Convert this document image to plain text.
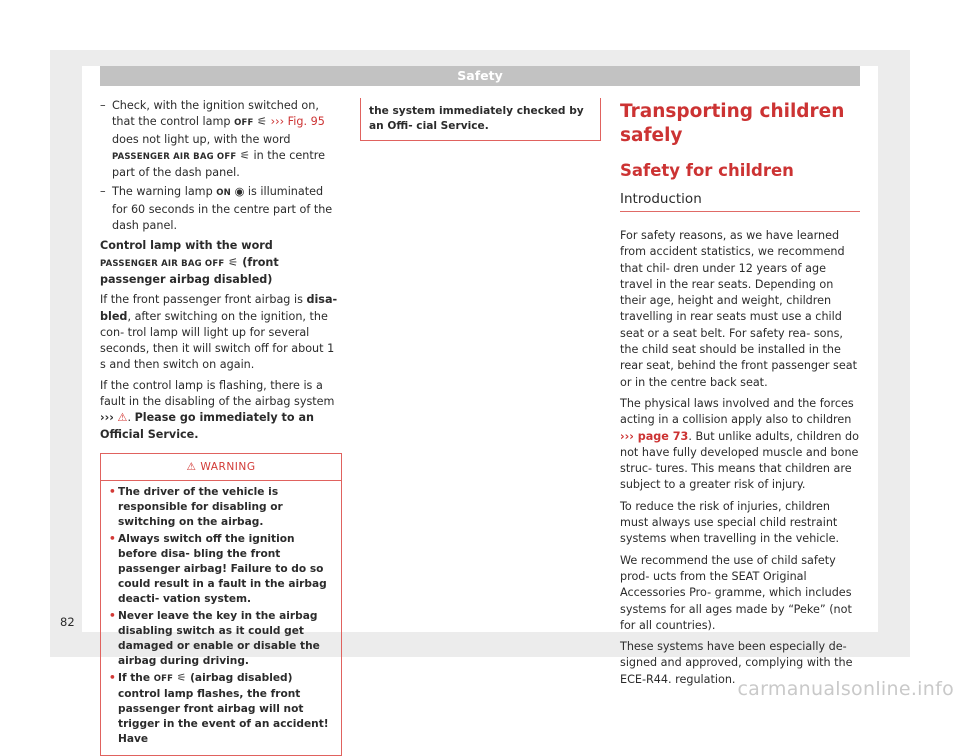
Safety
– Check, with the ignition switched on, that the control lamp OFF ⚟ ››› Fig. 95 does not light up, with the word PASSENGER AIR BAG OFF ⚟ in the centre part of the dash panel.
– The warning lamp ON ◉ is illuminated for 60 seconds in the centre part of the dash panel.
Control lamp with the word PASSENGER AIR BAG OFF ⚟ (front passenger airbag disabled)
If the front passenger front airbag is disa- bled, after switching on the ignition, the con- trol lamp will light up for several seconds, then it will switch off for about 1 s and then switch on again.
If the control lamp is flashing, there is a fault in the disabling of the airbag system ››› ⚠. Please go immediately to an Official Service.
⚠ WARNING
• The driver of the vehicle is responsible for disabling or switching on the airbag.
• Always switch off the ignition before disa- bling the front passenger airbag! Failure to do so could result in a fault in the airbag deacti- vation system.
• Never leave the key in the airbag disabling switch as it could get damaged or enable or disable the airbag during driving.
• If the OFF ⚟ (airbag disabled) control lamp flashes, the front passenger front airbag will not trigger in the event of an accident! Have
the system immediately checked by an Offi- cial Service.
Transporting children safely
Safety for children
Introduction
For safety reasons, as we have learned from accident statistics, we recommend that chil- dren under 12 years of age travel in the rear seats. Depending on their age, height and weight, children travelling in rear seats must use a child seat or a seat belt. For safety rea- sons, the child seat should be installed in the rear seat, behind the front passenger seat or in the centre back seat.
The physical laws involved and the forces acting in a collision apply also to children ››› page 73. But unlike adults, children do not have fully developed muscle and bone struc- tures. This means that children are subject to a greater risk of injury.
To reduce the risk of injuries, children must always use special child restraint systems when travelling in the vehicle.
We recommend the use of child safety prod- ucts from the SEAT Original Accessories Pro- gramme, which includes systems for all ages made by “Peke” (not for all countries).
These systems have been especially de- signed and approved, complying with the ECE-R44. regulation.
82
carmanualsonline.info
